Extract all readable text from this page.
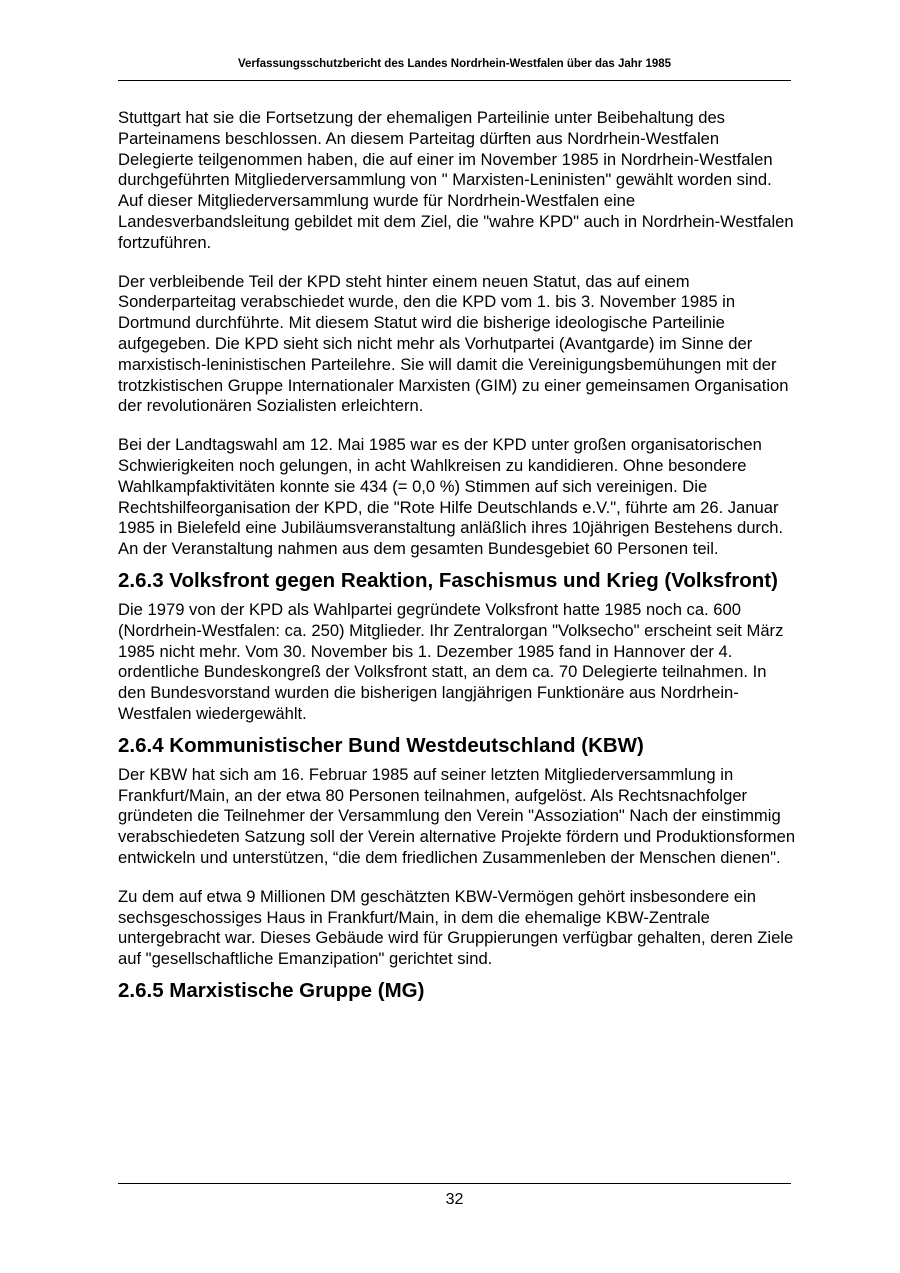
Verfassungsschutzbericht des Landes Nordrhein-Westfalen über das Jahr 1985

Stuttgart hat sie die Fortsetzung der ehemaligen Parteilinie unter Beibehaltung des Parteinamens beschlossen. An diesem Parteitag dürften aus Nordrhein-Westfalen Delegierte teilgenommen haben, die auf einer im November 1985 in Nordrhein-Westfalen durchgeführten Mitgliederversammlung von " Marxisten-Leninisten" gewählt worden sind. Auf dieser Mitgliederversammlung wurde für Nordrhein-Westfalen eine Landesverbandsleitung gebildet mit dem Ziel, die "wahre KPD" auch in Nordrhein-Westfalen fortzuführen.

Der verbleibende Teil der KPD steht hinter einem neuen Statut, das auf einem Sonderparteitag verabschiedet wurde, den die KPD vom 1. bis 3. November 1985 in Dortmund durchführte. Mit diesem Statut wird die bisherige ideologische Parteilinie aufgegeben. Die KPD sieht sich nicht mehr als Vorhutpartei (Avantgarde) im Sinne der marxistisch-leninistischen Parteilehre. Sie will damit die Vereinigungsbemühungen mit der trotzkistischen Gruppe Internationaler Marxisten (GIM) zu einer gemeinsamen Organisation der revolutionären Sozialisten erleichtern.

Bei der Landtagswahl am 12. Mai 1985 war es der KPD unter großen organisatorischen Schwierigkeiten noch gelungen, in acht Wahlkreisen zu kandidieren. Ohne besondere Wahlkampfaktivitäten konnte sie 434 (= 0,0 %) Stimmen auf sich vereinigen. Die Rechtshilfeorganisation der KPD, die "Rote Hilfe Deutschlands e.V.", führte am 26. Januar 1985 in Bielefeld eine Jubiläumsveranstaltung anläßlich ihres 10jährigen Bestehens durch. An der Veranstaltung nahmen aus dem gesamten Bundesgebiet 60 Personen teil.

2.6.3 Volksfront gegen Reaktion, Faschismus und Krieg (Volksfront)

Die 1979 von der KPD als Wahlpartei gegründete Volksfront hatte 1985 noch ca. 600 (Nordrhein-Westfalen: ca. 250) Mitglieder. Ihr Zentralorgan "Volksecho" erscheint seit März 1985 nicht mehr. Vom 30. November bis 1. Dezember 1985 fand in Hannover der 4. ordentliche Bundeskongreß der Volksfront statt, an dem ca. 70 Delegierte teilnahmen. In den Bundesvorstand wurden die bisherigen langjährigen Funktionäre aus Nordrhein-Westfalen wiedergewählt.

2.6.4 Kommunistischer Bund Westdeutschland (KBW)

Der KBW hat sich am 16. Februar 1985 auf seiner letzten Mitgliederversammlung in Frankfurt/Main, an der etwa 80 Personen teilnahmen, aufgelöst. Als Rechtsnachfolger gründeten die Teilnehmer der Versammlung den Verein "Assoziation" Nach der einstimmig verabschiedeten Satzung soll der Verein alternative Projekte fördern und Produktionsformen entwickeln und unterstützen, “die dem friedlichen Zusammenleben der Menschen dienen".

Zu dem auf etwa 9 Millionen DM geschätzten KBW-Vermögen gehört insbesondere ein sechsgeschossiges Haus in Frankfurt/Main, in dem die ehemalige KBW-Zentrale untergebracht war. Dieses Gebäude wird für Gruppierungen verfügbar gehalten, deren Ziele auf "gesellschaftliche Emanzipation" gerichtet sind.

2.6.5 Marxistische Gruppe (MG)
32
